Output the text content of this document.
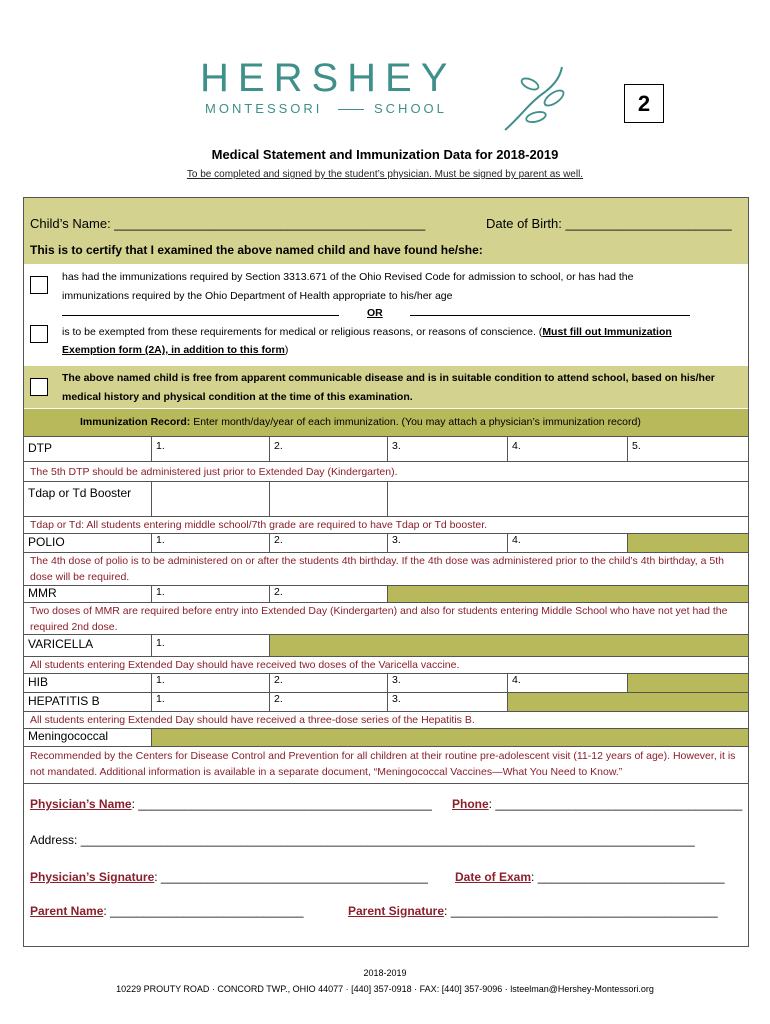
HERSHEY
MONTESSORI	SCHOOL	2
Medical Statement and Immunization Data for 2018-2019
To be completed and signed by the student’s physician. Must be signed by parent as well.
Child’s Name: ___________________________________________	Date of Birth: _______________________
This is to certify that I examined the above named child and have found he/she:
has had the immunizations required by Section 3313.671 of the Ohio Revised Code for admission to school, or has had the
immunizations required by the Ohio Department of Health appropriate to his/her age
OR
is to be exempted from these requirements for medical or religious reasons, or reasons of conscience. (Must fill out Immunization
Exemption form (2A), in addition to this form)
The above named child is free from apparent communicable disease and is in suitable condition to attend school, based on his/her
medical history and physical condition at the time of this examination.
Immunization Record: Enter month/day/year of each immunization. (You may attach a physician’s immunization record)
DTP	1.	2.	3.	4.	5.
The 5th DTP should be administered just prior to Extended Day (Kindergarten).
Tdap or Td Booster
Tdap or Td: All students entering middle school/7th grade are required to have Tdap or Td booster.
POLIO	1.	2.	3.	4.
The 4th dose of polio is to be administered on or after the students 4th birthday. If the 4th dose was administered prior to the child’s 4th birthday, a 5th
dose will be required.
MMR	1.	2.
Two doses of MMR are required before entry into Extended Day (Kindergarten) and also for students entering Middle School who have not yet had the
required 2nd dose.
VARICELLA	1.
All students entering Extended Day should have received two doses of the Varicella vaccine.
HIB	1.	2.	3.	4.
HEPATITIS B	1.	2.	3.
All students entering Extended Day should have received a three-dose series of the Hepatitis B.
Meningococcal
Recommended by the Centers for Disease Control and Prevention for all children at their routine pre-adolescent visit (11-12 years of age). However, it is
not mandated. Additional information is available in a separate document, “Meningococcal Vaccines—What You Need to Know.”
Physician’s Name: ____________________________________________ Phone: _____________________________________
Address: ____________________________________________________________________________________________
Physician’s Signature: ________________________________________ Date of Exam: ____________________________
Parent Name: _____________________________	Parent Signature: ________________________________________
2018-2019
10229 PROUTY ROAD · CONCORD TWP., OHIO 44077 · [440] 357-0918 · FAX: [440] 357-9096 · lsteelman@Hershey-Montessori.org
